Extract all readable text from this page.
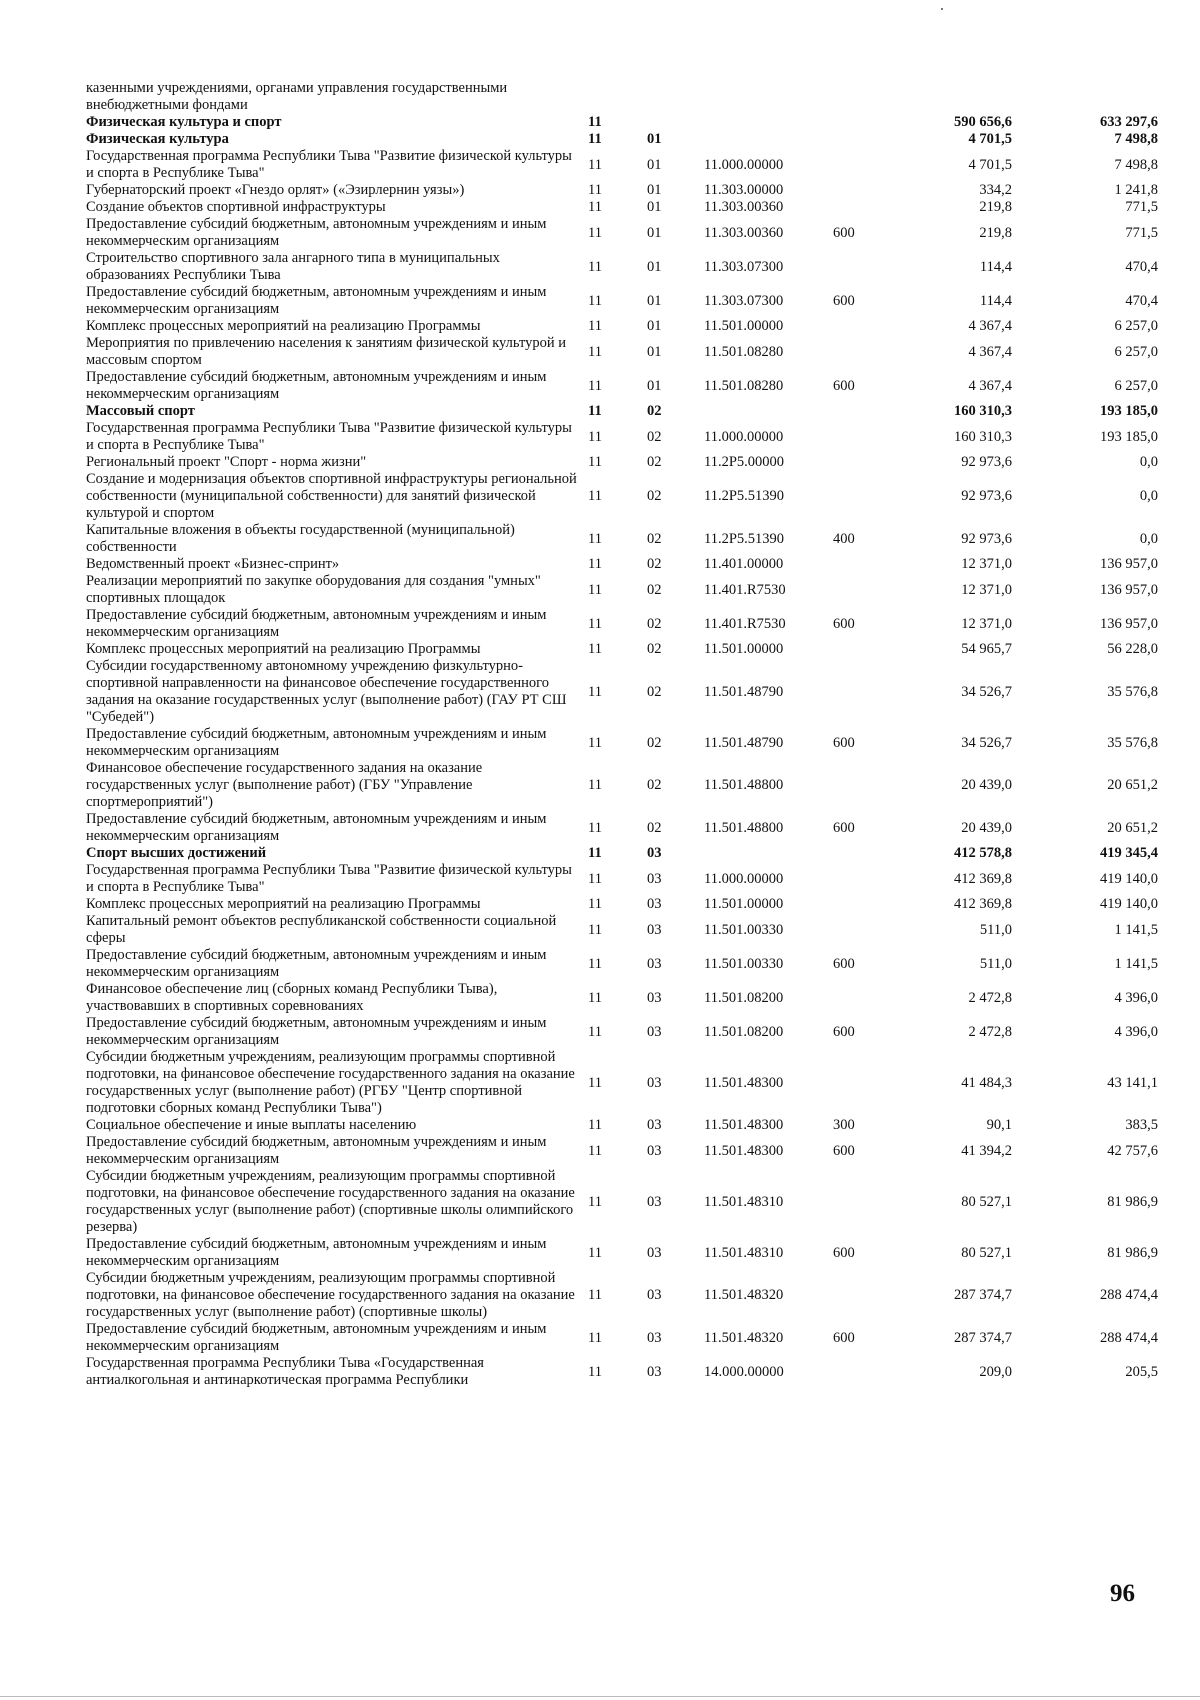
казенными учреждениями, органами управления государственными внебюджетными фондами						
Физическая культура и спорт	11				590 656,6	633 297,6
Физическая культура	11	01			4 701,5	7 498,8
Государственная программа Республики Тыва "Развитие физической культуры и спорта в Республике Тыва"	11	01	11.000.00000		4 701,5	7 498,8
Губернаторский проект «Гнездо орлят» («Эзирлернин уязы»)	11	01	11.303.00000		334,2	1 241,8
Создание объектов спортивной инфраструктуры	11	01	11.303.00360		219,8	771,5
Предоставление субсидий бюджетным, автономным учреждениям и иным некоммерческим организациям	11	01	11.303.00360	600	219,8	771,5
Строительство спортивного зала ангарного типа в муниципальных образованиях Республики Тыва	11	01	11.303.07300		114,4	470,4
Предоставление субсидий бюджетным, автономным учреждениям и иным некоммерческим организациям	11	01	11.303.07300	600	114,4	470,4
Комплекс процессных мероприятий на реализацию Программы	11	01	11.501.00000		4 367,4	6 257,0
Мероприятия по привлечению населения к занятиям физической культурой и массовым спортом	11	01	11.501.08280		4 367,4	6 257,0
Предоставление субсидий бюджетным, автономным учреждениям и иным некоммерческим организациям	11	01	11.501.08280	600	4 367,4	6 257,0
Массовый спорт	11	02			160 310,3	193 185,0
Государственная программа Республики Тыва "Развитие физической культуры и спорта в Республике Тыва"	11	02	11.000.00000		160 310,3	193 185,0
Региональный проект "Спорт - норма жизни"	11	02	11.2P5.00000		92 973,6	0,0
Создание и модернизация объектов спортивной инфраструктуры региональной собственности (муниципальной собственности) для занятий физической культурой и спортом	11	02	11.2P5.51390		92 973,6	0,0
Капитальные вложения в объекты государственной (муниципальной) собственности	11	02	11.2P5.51390	400	92 973,6	0,0
Ведомственный проект «Бизнес-спринт»	11	02	11.401.00000		12 371,0	136 957,0
Реализации мероприятий по закупке оборудования для создания "умных" спортивных площадок	11	02	11.401.R7530		12 371,0	136 957,0
Предоставление субсидий бюджетным, автономным учреждениям и иным некоммерческим организациям	11	02	11.401.R7530	600	12 371,0	136 957,0
Комплекс процессных мероприятий на реализацию Программы	11	02	11.501.00000		54 965,7	56 228,0
Субсидии государственному автономному учреждению физкультурно-спортивной направленности на финансовое обеспечение государственного задания на оказание государственных услуг (выполнение работ) (ГАУ РТ СШ "Субедей")	11	02	11.501.48790		34 526,7	35 576,8
Предоставление субсидий бюджетным, автономным учреждениям и иным некоммерческим организациям	11	02	11.501.48790	600	34 526,7	35 576,8
Финансовое обеспечение государственного задания на оказание государственных услуг (выполнение работ) (ГБУ "Управление спортмероприятий")	11	02	11.501.48800		20 439,0	20 651,2
Предоставление субсидий бюджетным, автономным учреждениям и иным некоммерческим организациям	11	02	11.501.48800	600	20 439,0	20 651,2
Спорт высших достижений	11	03			412 578,8	419 345,4
Государственная программа Республики Тыва "Развитие физической культуры и спорта в Республике Тыва"	11	03	11.000.00000		412 369,8	419 140,0
Комплекс процессных мероприятий на реализацию Программы	11	03	11.501.00000		412 369,8	419 140,0
Капитальный ремонт объектов республиканской собственности социальной сферы	11	03	11.501.00330		511,0	1 141,5
Предоставление субсидий бюджетным, автономным учреждениям и иным некоммерческим организациям	11	03	11.501.00330	600	511,0	1 141,5
Финансовое обеспечение лиц (сборных команд Республики Тыва), участвовавших в спортивных соревнованиях	11	03	11.501.08200		2 472,8	4 396,0
Предоставление субсидий бюджетным, автономным учреждениям и иным некоммерческим организациям	11	03	11.501.08200	600	2 472,8	4 396,0
Субсидии бюджетным учреждениям, реализующим программы спортивной подготовки, на финансовое обеспечение государственного задания на оказание государственных услуг (выполнение работ) (РГБУ "Центр спортивной подготовки сборных команд Республики Тыва")	11	03	11.501.48300		41 484,3	43 141,1
Социальное обеспечение и иные выплаты населению	11	03	11.501.48300	300	90,1	383,5
Предоставление субсидий бюджетным, автономным учреждениям и иным некоммерческим организациям	11	03	11.501.48300	600	41 394,2	42 757,6
Субсидии бюджетным учреждениям, реализующим программы спортивной подготовки, на финансовое обеспечение государственного задания на оказание государственных услуг (выполнение работ) (спортивные школы олимпийского резерва)	11	03	11.501.48310		80 527,1	81 986,9
Предоставление субсидий бюджетным, автономным учреждениям и иным некоммерческим организациям	11	03	11.501.48310	600	80 527,1	81 986,9
Субсидии бюджетным учреждениям, реализующим программы спортивной подготовки, на финансовое обеспечение государственного задания на оказание государственных услуг (выполнение работ) (спортивные школы)	11	03	11.501.48320		287 374,7	288 474,4
Предоставление субсидий бюджетным, автономным учреждениям и иным некоммерческим организациям	11	03	11.501.48320	600	287 374,7	288 474,4
Государственная программа Республики Тыва «Государственная антиалкогольная и антинаркотическая программа Республики	11	03	14.000.00000		209,0	205,5
96
